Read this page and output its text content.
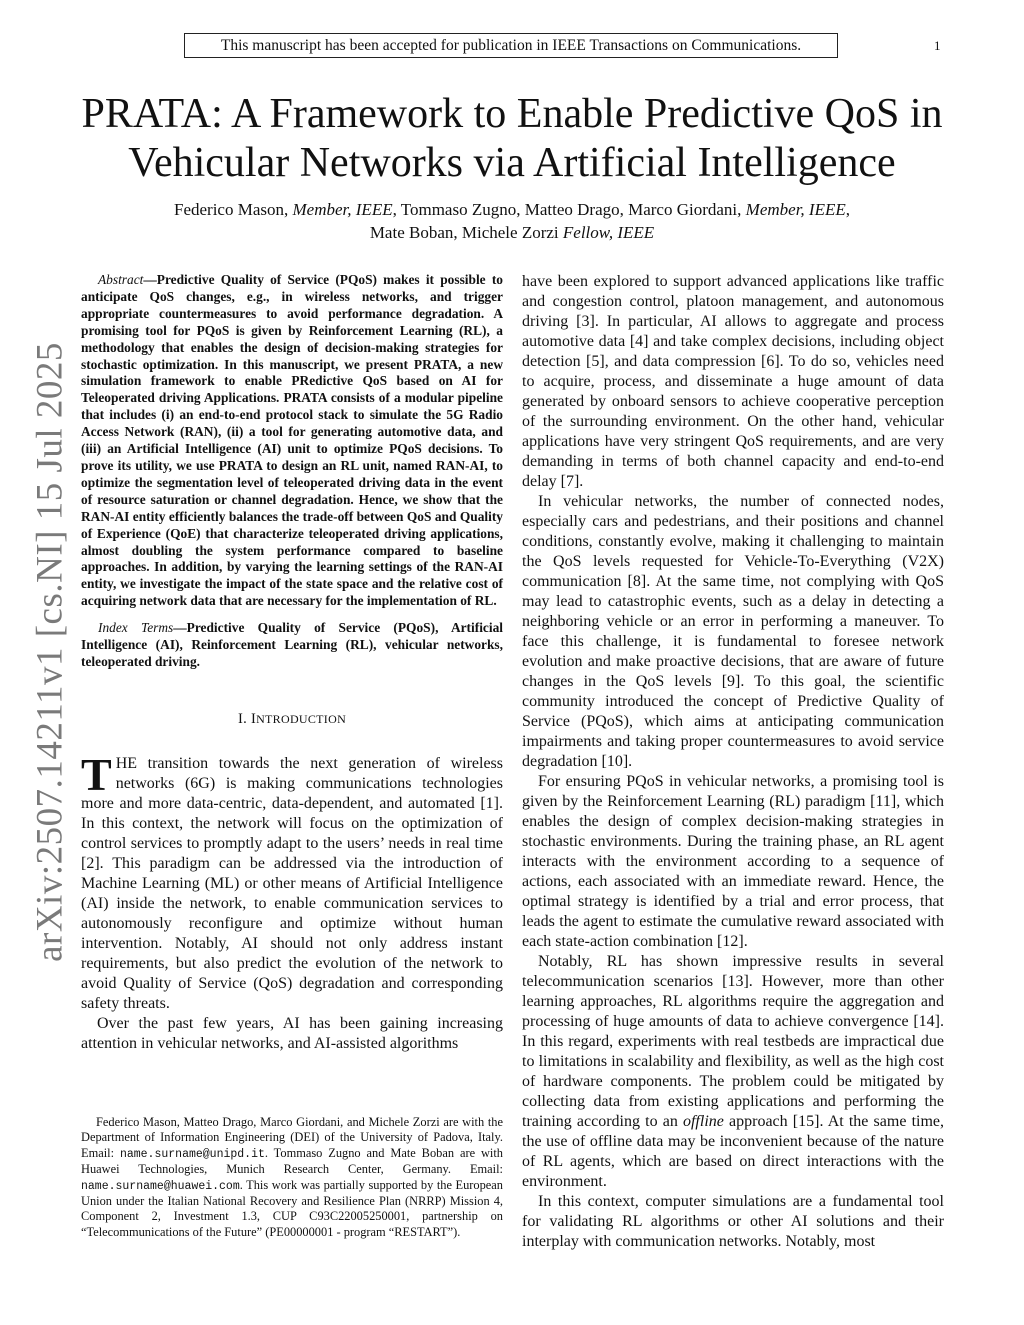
This manuscript has been accepted for publication in IEEE Transactions on Communications.	1
arXiv:2507.14211v1 [cs.NI] 15 Jul 2025
PRATA: A Framework to Enable Predictive QoS in Vehicular Networks via Artificial Intelligence
Federico Mason, Member, IEEE, Tommaso Zugno, Matteo Drago, Marco Giordani, Member, IEEE,
Mate Boban, Michele Zorzi Fellow, IEEE

Abstract—Predictive Quality of Service (PQoS) makes it possible to anticipate QoS changes, e.g., in wireless networks, and trigger appropriate countermeasures to avoid performance degradation. A promising tool for PQoS is given by Reinforcement Learning (RL), a methodology that enables the design of decision-making strategies for stochastic optimization. In this manuscript, we present PRATA, a new simulation framework to enable PRedictive QoS based on AI for Teleoperated driving Applications. PRATA consists of a modular pipeline that includes (i) an end-to-end protocol stack to simulate the 5G Radio Access Network (RAN), (ii) a tool for generating automotive data, and (iii) an Artificial Intelligence (AI) unit to optimize PQoS decisions. To prove its utility, we use PRATA to design an RL unit, named RAN-AI, to optimize the segmentation level of teleoperated driving data in the event of resource saturation or channel degradation. Hence, we show that the RAN-AI entity efficiently balances the trade-off between QoS and Quality of Experience (QoE) that characterize teleoperated driving applications, almost doubling the system performance compared to baseline approaches. In addition, by varying the learning settings of the RAN-AI entity, we investigate the impact of the state space and the relative cost of acquiring network data that are necessary for the implementation of RL.

Index Terms—Predictive Quality of Service (PQoS), Artificial Intelligence (AI), Reinforcement Learning (RL), vehicular networks, teleoperated driving.

I. INTRODUCTION

THE transition towards the next generation of wireless networks (6G) is making communications technologies more and more data-centric, data-dependent, and automated [1]. In this context, the network will focus on the optimization of control services to promptly adapt to the users’ needs in real time [2]. This paradigm can be addressed via the introduction of Machine Learning (ML) or other means of Artificial Intelligence (AI) inside the network, to enable communication services to autonomously reconfigure and optimize without human intervention. Notably, AI should not only address instant requirements, but also predict the evolution of the network to avoid Quality of Service (QoS) degradation and corresponding safety threats.

Over the past few years, AI has been gaining increasing attention in vehicular networks, and AI-assisted algorithms

Federico Mason, Matteo Drago, Marco Giordani, and Michele Zorzi are with the Department of Information Engineering (DEI) of the University of Padova, Italy. Email: name.surname@unipd.it. Tommaso Zugno and Mate Boban are with Huawei Technologies, Munich Research Center, Germany. Email: name.surname@huawei.com. This work was partially supported by the European Union under the Italian National Recovery and Resilience Plan (NRRP) Mission 4, Component 2, Investment 1.3, CUP C93C22005250001, partnership on “Telecommunications of the Future” (PE00000001 - program “RESTART”).

have been explored to support advanced applications like traffic and congestion control, platoon management, and autonomous driving [3]. In particular, AI allows to aggregate and process automotive data [4] and take complex decisions, including object detection [5], and data compression [6]. To do so, vehicles need to acquire, process, and disseminate a huge amount of data generated by onboard sensors to achieve cooperative perception of the surrounding environment. On the other hand, vehicular applications have very stringent QoS requirements, and are very demanding in terms of both channel capacity and end-to-end delay [7].

In vehicular networks, the number of connected nodes, especially cars and pedestrians, and their positions and channel conditions, constantly evolve, making it challenging to maintain the QoS levels requested for Vehicle-To-Everything (V2X) communication [8]. At the same time, not complying with QoS may lead to catastrophic events, such as a delay in detecting a neighboring vehicle or an error in performing a maneuver. To face this challenge, it is fundamental to foresee network evolution and make proactive decisions, that are aware of future changes in the QoS levels [9]. To this goal, the scientific community introduced the concept of Predictive Quality of Service (PQoS), which aims at anticipating communication impairments and taking proper countermeasures to avoid service degradation [10].

For ensuring PQoS in vehicular networks, a promising tool is given by the Reinforcement Learning (RL) paradigm [11], which enables the design of complex decision-making strategies in stochastic environments. During the training phase, an RL agent interacts with the environment according to a sequence of actions, each associated with an immediate reward. Hence, the optimal strategy is identified by a trial and error process, that leads the agent to estimate the cumulative reward associated with each state-action combination [12].

Notably, RL has shown impressive results in several telecommunication scenarios [13]. However, more than other learning approaches, RL algorithms require the aggregation and processing of huge amounts of data to achieve convergence [14]. In this regard, experiments with real testbeds are impractical due to limitations in scalability and flexibility, as well as the high cost of hardware components. The problem could be mitigated by collecting data from existing applications and performing the training according to an offline approach [15]. At the same time, the use of offline data may be inconvenient because of the nature of RL agents, which are based on direct interactions with the environment.

In this context, computer simulations are a fundamental tool for validating RL algorithms or other AI solutions and their interplay with communication networks. Notably, most
